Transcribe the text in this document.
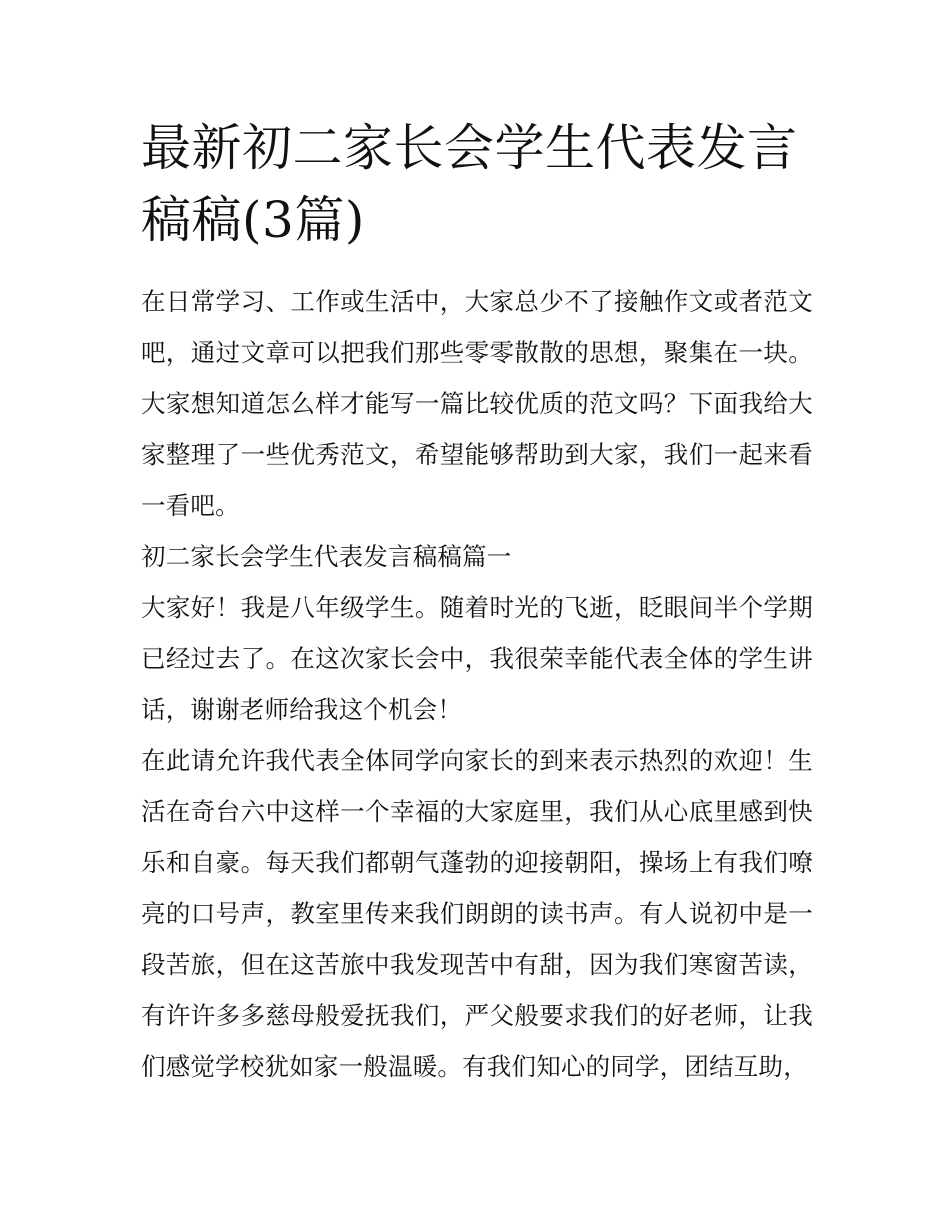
最新初二家长会学生代表发言稿稿(3篇)

在日常学习、工作或生活中，大家总少不了接触作文或者范文吧，通过文章可以把我们那些零零散散的思想，聚集在一块。大家想知道怎么样才能写一篇比较优质的范文吗？下面我给大家整理了一些优秀范文，希望能够帮助到大家，我们一起来看一看吧。

初二家长会学生代表发言稿稿篇一

大家好！我是八年级学生。随着时光的飞逝，眨眼间半个学期已经过去了。在这次家长会中，我很荣幸能代表全体的学生讲话，谢谢老师给我这个机会！

在此请允许我代表全体同学向家长的到来表示热烈的欢迎！生活在奇台六中这样一个幸福的大家庭里，我们从心底里感到快乐和自豪。每天我们都朝气蓬勃的迎接朝阳，操场上有我们嘹亮的口号声，教室里传来我们朗朗的读书声。有人说初中是一段苦旅，但在这苦旅中我发现苦中有甜，因为我们寒窗苦读，有许许多多慈母般爱抚我们，严父般要求我们的好老师，让我们感觉学校犹如家一般温暖。有我们知心的同学，团结互助，
